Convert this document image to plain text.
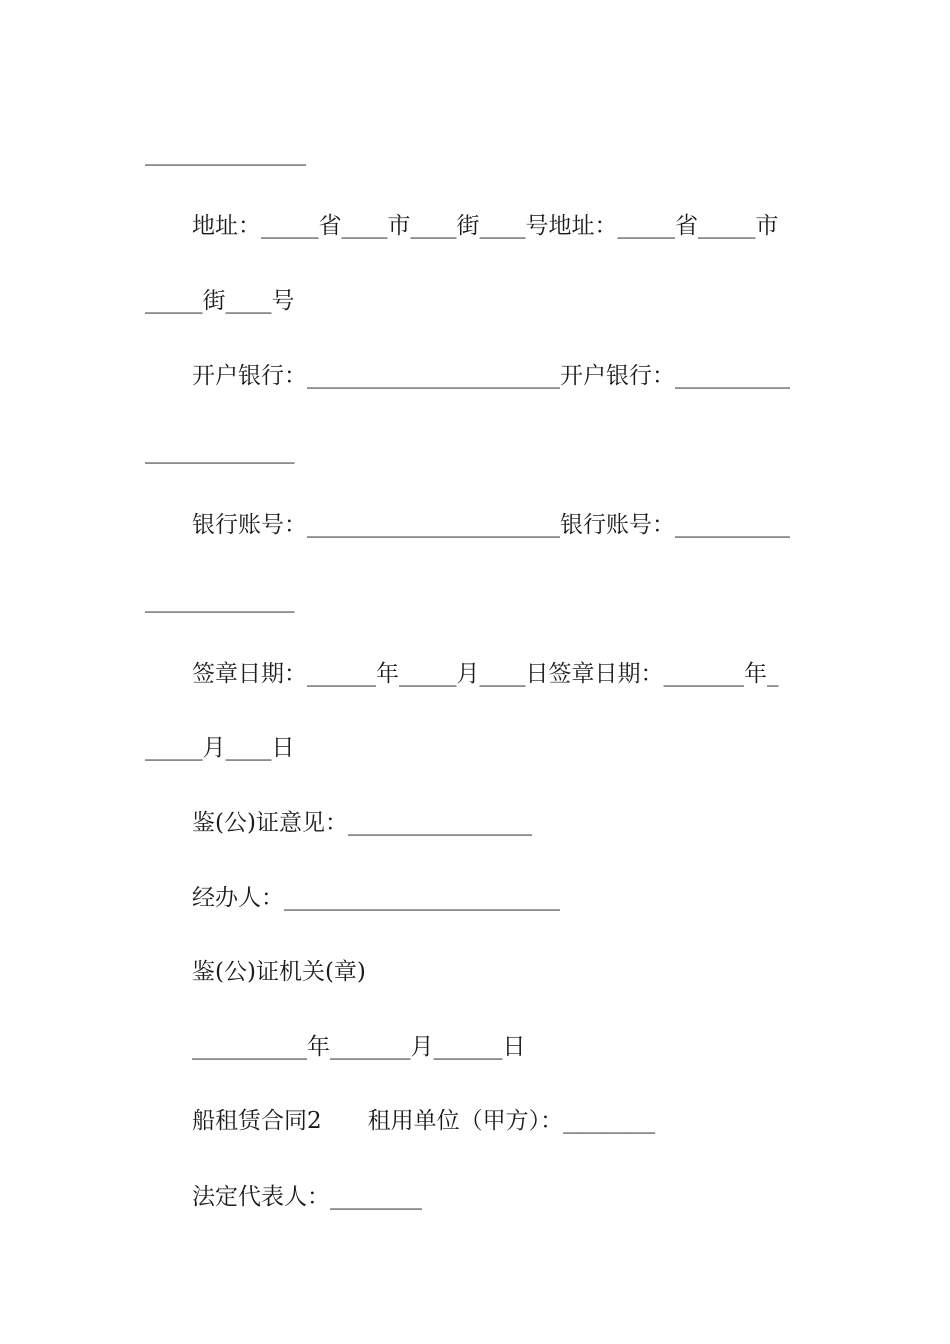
______________
地址：_____省____市____街____号地址：_____省_____市
_____街____号
开户银行：______________________开户银行：__________
_____________
银行账号：______________________银行账号：__________
_____________
签章日期：______年_____月____日签章日期：_______年_
_____月____日
鉴(公)证意见：________________
经办人：________________________
鉴(公)证机关(章)
__________年_______月______日
船租赁合同2　　租用单位（甲方）：________
法定代表人：________
